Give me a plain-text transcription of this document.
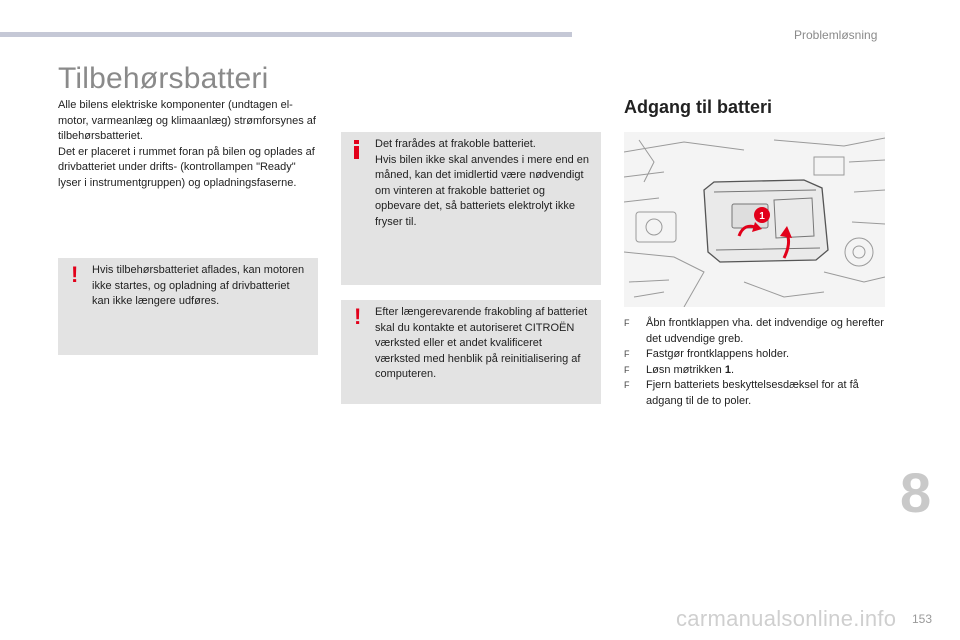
Problemløsning
Tilbehørsbatteri

Alle bilens elektriske komponenter (undtagen el-motor, varmeanlæg og klimaanlæg) strømforsynes af tilbehørsbatteriet.

Det er placeret i rummet foran på bilen og oplades af drivbatteriet under drifts- (kontrollampen "Ready" lyser i instrumentgruppen) og opladningsfaserne.

! Hvis tilbehørsbatteriet aflades, kan motoren ikke startes, og opladning af drivbatteriet kan ikke længere udføres.
Det frarådes at frakoble batteriet.
Hvis bilen ikke skal anvendes i mere end en måned, kan det imidlertid være nødvendigt om vinteren at frakoble batteriet og opbevare det, så batteriets elektrolyt ikke fryser til.
! Efter længerevarende frakobling af batteriet skal du kontakte et autoriseret CITROËN værksted eller et andet kvalificeret værksted med henblik på reinitialisering af computeren.
Adgang til batteri
1
F Åbn frontklappen vha. det indvendige og herefter det udvendige greb.
F Fastgør frontklappens holder.
F Løsn møtrikken 1.
F Fjern batteriets beskyttelsesdæksel for at få adgang til de to poler.
8
carmanualsonline.info 153
